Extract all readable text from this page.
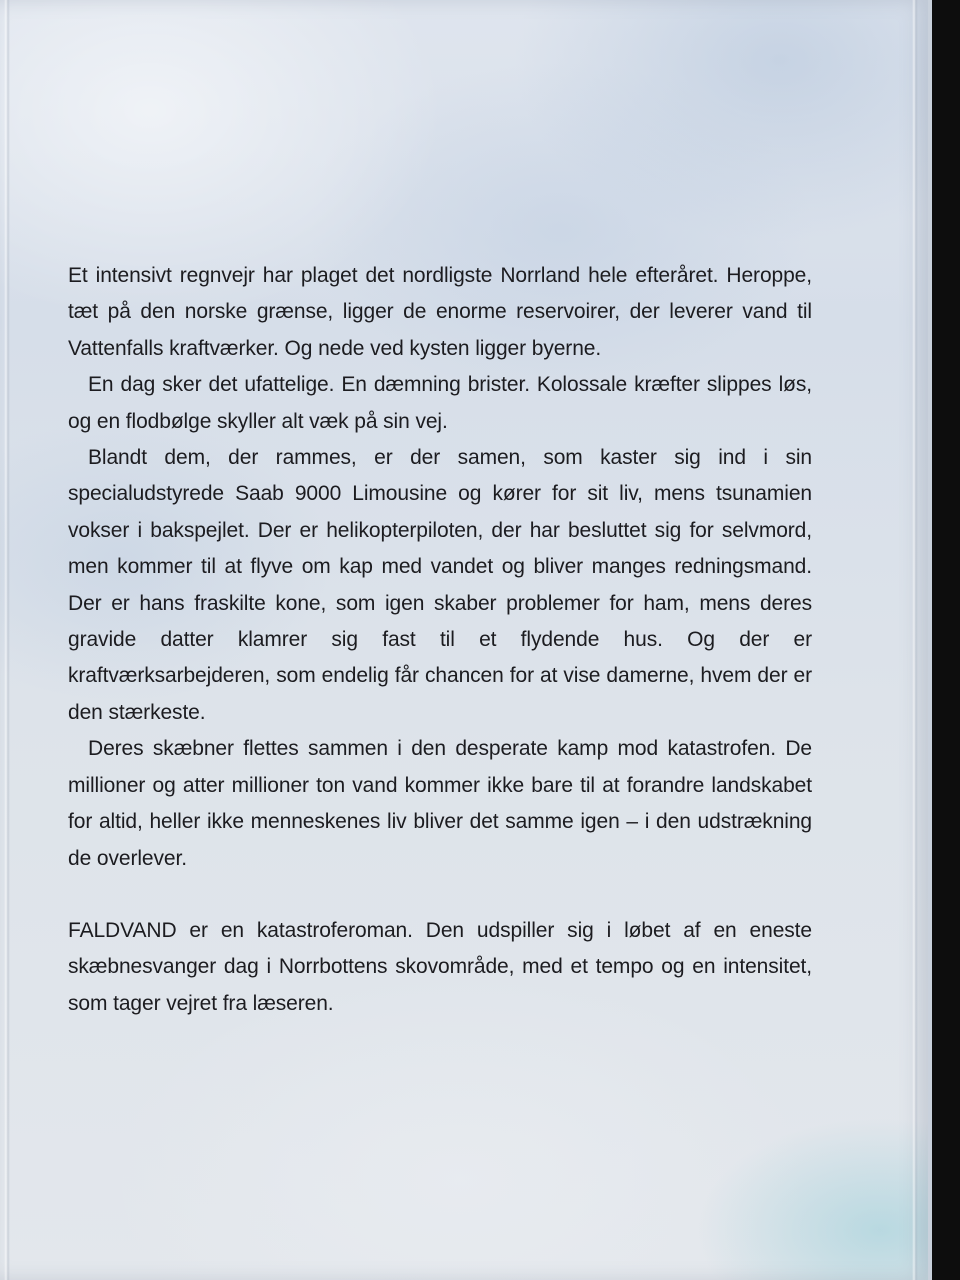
Et intensivt regnvejr har plaget det nordligste Norrland hele efteråret. Heroppe, tæt på den norske grænse, ligger de enorme reservoirer, der leverer vand til Vattenfalls kraftværker. Og nede ved kysten ligger byerne.

En dag sker det ufattelige. En dæmning brister. Kolossale kræfter slippes løs, og en flodbølge skyller alt væk på sin vej.

Blandt dem, der rammes, er der samen, som kaster sig ind i sin specialudstyrede Saab 9000 Limousine og kører for sit liv, mens tsunamien vokser i bakspejlet. Der er helikopterpiloten, der har besluttet sig for selvmord, men kommer til at flyve om kap med vandet og bliver manges redningsmand. Der er hans fraskilte kone, som igen skaber problemer for ham, mens deres gravide datter klamrer sig fast til et flydende hus. Og der er kraftværksarbejderen, som endelig får chancen for at vise damerne, hvem der er den stærkeste.

Deres skæbner flettes sammen i den desperate kamp mod katastrofen. De millioner og atter millioner ton vand kommer ikke bare til at forandre landskabet for altid, heller ikke menneskenes liv bliver det samme igen – i den udstrækning de overlever.

FALDVAND er en katastroferoman. Den udspiller sig i løbet af en eneste skæbnesvanger dag i Norrbottens skovområde, med et tempo og en intensitet, som tager vejret fra læseren.
